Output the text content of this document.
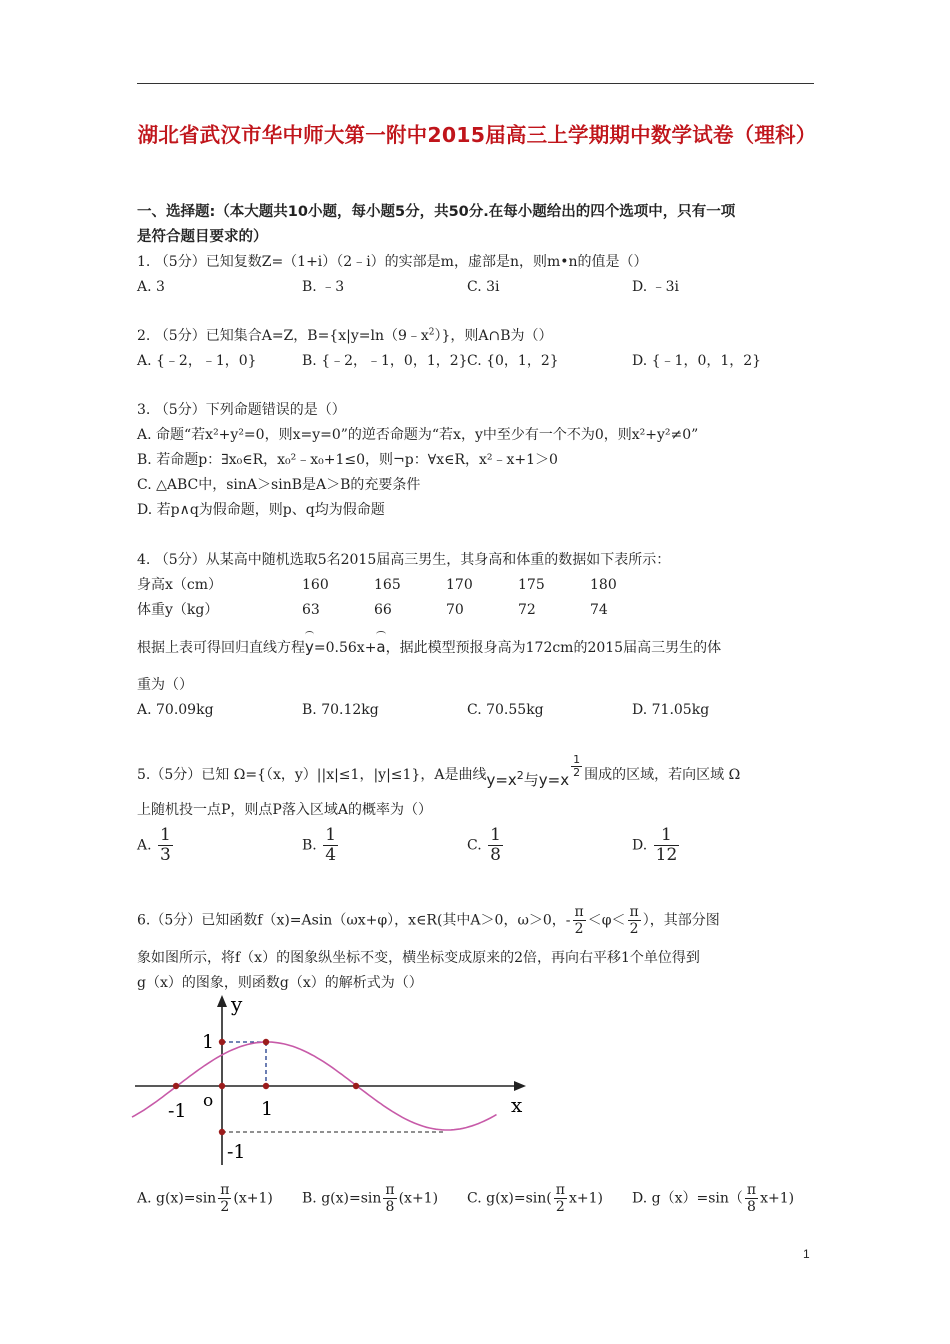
湖北省武汉市华中师大第一附中2015届高三上学期期中数学试卷（理科）
一、选择题:（本大题共10小题，每小题5分，共50分.在每小题给出的四个选项中，只有一项
是符合题目要求的）
1. （5分）已知复数Z=（1+i）（2﹣i）的实部是m，虚部是n，则m•n的值是（）
A. 3	B. ﹣3	C. 3i	D. ﹣3i
2. （5分）已知集合A=Z，$B=\{x|y=\ln(9﹣x^2)\}$，则A∩B为（）
A. {﹣2，﹣1，0}	B. {﹣2，﹣1，0，1，2} C. {0，1，2}	D. {﹣1，0，1，2}
3. （5分）下列命题错误的是（）
A. 命题“若x²+y²=0，则x=y=0”的逆否命题为“若x，y中至少有一个不为0，则x²+y²≠0”
B. 若命题p：∃x₀∈R，x₀²﹣x₀+1≤0，则¬p：∀x∈R，x²﹣x+1＞0
C. △ABC中，sinA＞sinB是A＞B的充要条件
D. 若p∧q为假命题，则p、q均为假命题
4. （5分）从某高中随机选取5名2015届高三男生，其身高和体重的数据如下表所示：
身高x（cm）	160	165	170	175	180
体重y（kg）	63	66	70	72	74
根据上表可得回归直线方程y=0.56x+a，据此模型预报身高为172cm的2015届高三男生的体
重为（）
A. 70.09kg	B. 70.12kg	C. 70.55kg	D. 71.05kg
5.（5分）已知 Ω={（x，y）||x|≤1，|y|≤1}，A是曲线$y=x^2$与y=x
$\frac{1}{2}$ 围成的区域，若向区域 Ω
上随机投一点P，则点P落入区域A的概率为（）
A. $\frac{1}{3}$	B. $\frac{1}{4}$	C. $\frac{1}{8}$	D. $\frac{1}{12}$
6.（5分）已知函数f（x)=Asin（ωx+φ），x∈R(其中A＞0，ω＞0，- $\frac{\pi}{2} <\varphi< \frac{\pi}{2}$ ），其部分图
象如图所示，将f（x）的图象纵坐标不变，横坐标变成原来的2倍，再向右平移1个单位得到
g（x）的图象，则函数g（x）的解析式为（）
y
x
o
1
-1	1
-1
A. $g(x)=\sin \frac{\pi}{2} (x+1)$ B. $g(x)=\sin \frac{\pi}{8} (x+1)$ C. $g(x)=\sin( \frac{\pi}{2} x+1)$ D. $g(x)=\sin( \frac{\pi}{8} x+1)$
1
